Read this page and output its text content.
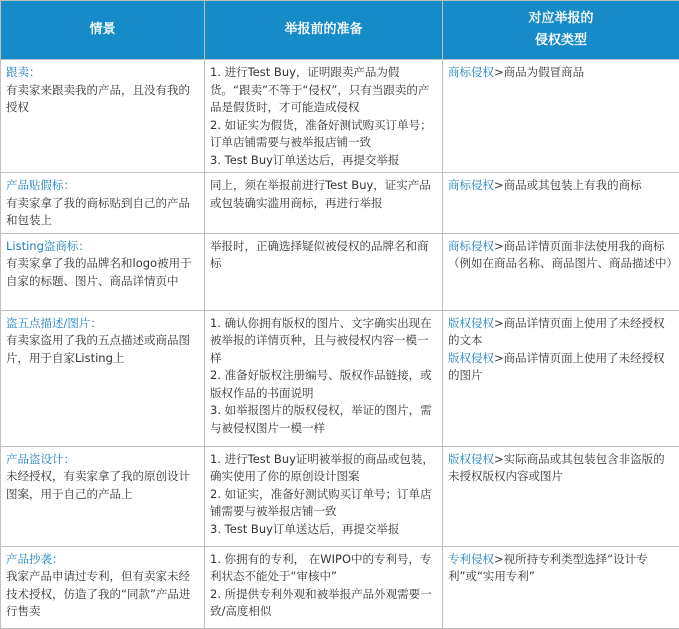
情景	举报前的准备	对应举报的
侵权类型

跟卖：
有卖家来跟卖我的产品，且没有我的授权	1. 进行Test Buy，证明跟卖产品为假货。“跟卖”不等于“侵权”，只有当跟卖的产品是假货时，才可能造成侵权
2. 如证实为假货，准备好测试购买订单号；订单店铺需要与被举报店铺一致
3. Test Buy订单送达后，再提交举报	商标侵权>商品为假冒商品

产品贴假标：
有卖家拿了我的商标贴到自己的产品和包装上	同上，须在举报前进行Test Buy，证实产品或包装确实滥用商标，再进行举报	商标侵权>商品或其包装上有我的商标

Listing盗商标：
有卖家拿了我的品牌名和logo被用于自家的标题、图片、商品详情页中	举报时，正确选择疑似被侵权的品牌名和商标	商标侵权>商品详情页面非法使用我的商标（例如在商品名称、商品图片、商品描述中）

盗五点描述/图片：
有卖家盗用了我的五点描述或商品图片，用于自家Listing上	1. 确认你拥有版权的图片、文字确实出现在被举报的详情页种，且与被侵权内容一模一样
2. 准备好版权注册编号、版权作品链接，或版权作品的书面说明
3. 如举报图片的版权侵权，举证的图片，需与被侵权图片一模一样	版权侵权>商品详情页面上使用了未经授权的文本
版权侵权>商品详情页面上使用了未经授权的图片

产品盗设计：
未经授权，有卖家拿了我的原创设计图案，用于自己的产品上	1. 进行Test Buy证明被举报的商品或包装，确实使用了你的原创设计图案
2. 如证实，准备好测试购买订单号；订单店铺需要与被举报店铺一致
3. Test Buy订单送达后，再提交举报	版权侵权>实际商品或其包装包含非盗版的未授权版权内容或图片

产品抄袭：
我家产品申请过专利，但有卖家未经技术授权，仿造了我的“同款”产品进行售卖	1. 你拥有的专利， 在WIPO中的专利号，专利状态不能处于“审核中”
2. 所提供专利外观和被举报产品外观需要一致/高度相似	专利侵权>视所持专利类型选择“设计专利”或“实用专利”
